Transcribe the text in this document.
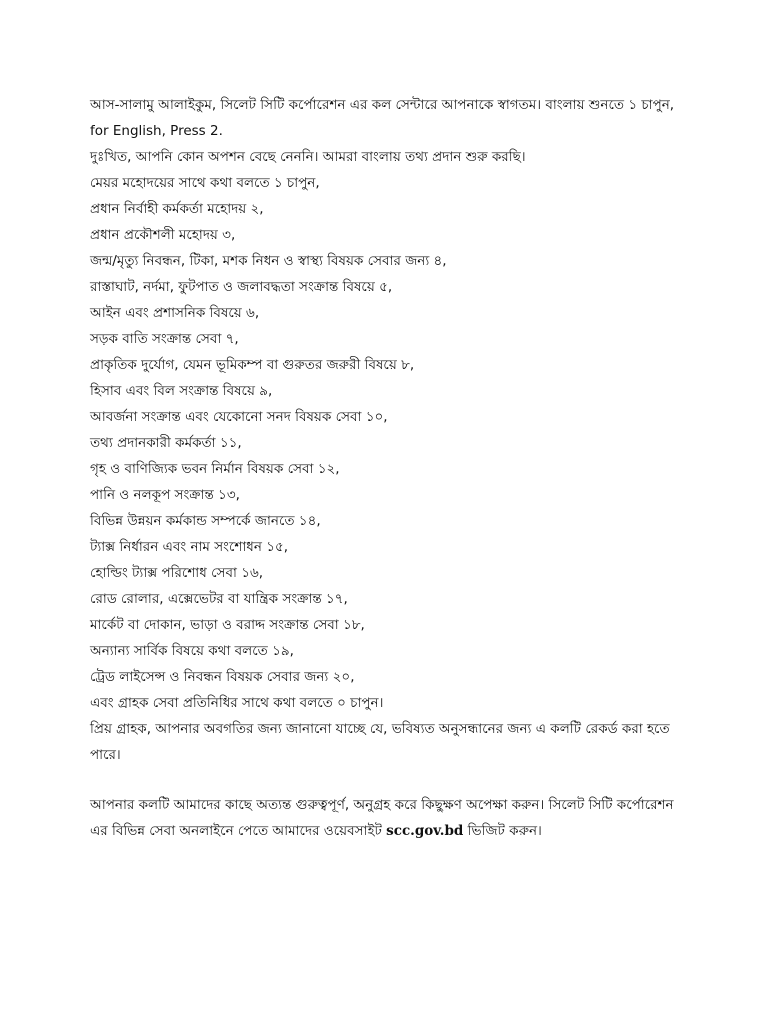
আস-সালামু আলাইকুম, সিলেট সিটি কর্পোরেশন এর কল সেন্টারে আপনাকে স্বাগতম। বাংলায় শুনতে ১ চাপুন,

for English, Press 2.

দুঃখিত, আপনি কোন অপশন বেছে নেননি। আমরা বাংলায় তথ্য প্রদান শুরু করছি।

মেয়র মহোদয়ের সাথে কথা বলতে ১ চাপুন,

প্রধান নির্বাহী কর্মকর্তা মহোদয় ২,

প্রধান প্রকৌশলী মহোদয় ৩,

জন্ম/মৃত্যু নিবন্ধন, টিকা, মশক নিধন ও স্বাস্থ্য বিষয়ক সেবার জন্য ৪,

রাস্তাঘাট, নর্দমা, ফুটপাত ও জলাবদ্ধতা সংক্রান্ত বিষয়ে ৫,

আইন এবং প্রশাসনিক বিষয়ে ৬,

সড়ক বাতি সংক্রান্ত সেবা ৭,

প্রাকৃতিক দুর্যোগ, যেমন ভূমিকম্প বা গুরুতর জরুরী বিষয়ে ৮,

হিসাব এবং বিল সংক্রান্ত বিষয়ে ৯,

আবর্জনা সংক্রান্ত এবং যেকোনো সনদ বিষয়ক সেবা ১০,

তথ্য প্রদানকারী কর্মকর্তা ১১,

গৃহ ও বাণিজ্যিক ভবন নির্মান বিষয়ক সেবা ১২,

পানি ও নলকূপ সংক্রান্ত ১৩,

বিভিন্ন উন্নয়ন কর্মকান্ড সম্পর্কে জানতে ১৪,

ট্যাক্স নির্ধারন এবং নাম সংশোধন ১৫,

হোল্ডিং ট্যাক্স পরিশোধ সেবা ১৬,

রোড রোলার, এক্সেভেটর বা যান্ত্রিক সংক্রান্ত ১৭,

মার্কেট বা দোকান, ভাড়া ও বরাদ্দ সংক্রান্ত সেবা ১৮,

অন্যান্য সার্বিক বিষয়ে কথা বলতে ১৯,

ট্রেড লাইসেন্স ও নিবন্ধন বিষয়ক সেবার জন্য ২০,

এবং গ্রাহক সেবা প্রতিনিধির সাথে কথা বলতে ০ চাপুন।

প্রিয় গ্রাহক, আপনার অবগতির জন্য জানানো যাচ্ছে যে, ভবিষ্যত অনুসন্ধানের জন্য এ কলটি রেকর্ড করা হতে

পারে।

আপনার কলটি আমাদের কাছে অত্যন্ত গুরুত্বপূর্ণ, অনুগ্রহ করে কিছুক্ষণ অপেক্ষা করুন। সিলেট সিটি কর্পোরেশন

এর বিভিন্ন সেবা অনলাইনে পেতে আমাদের ওয়েবসাইট scc.gov.bd ভিজিট করুন।
